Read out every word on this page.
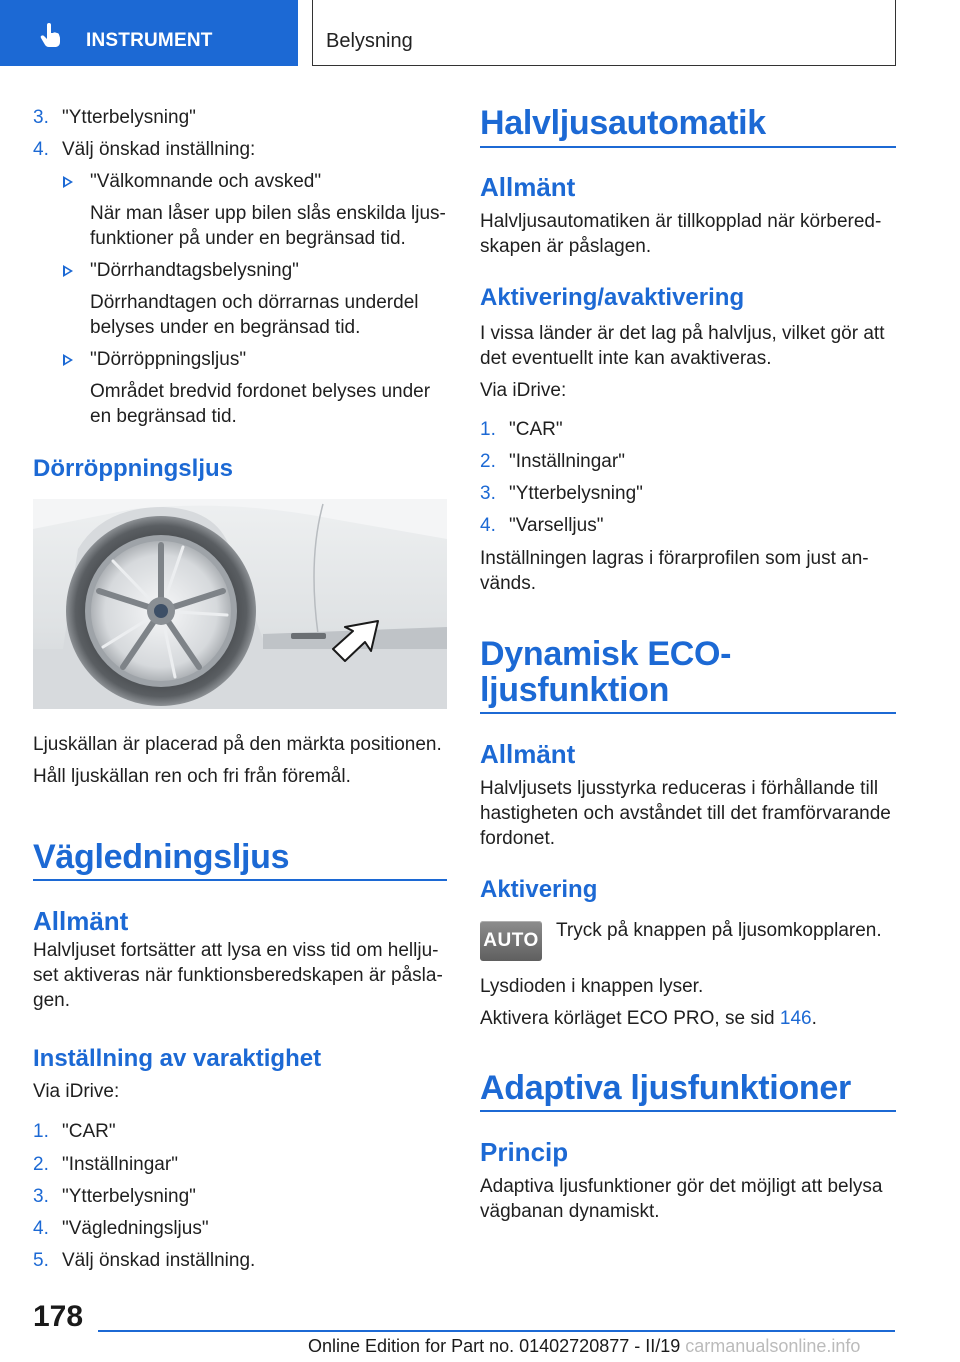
INSTRUMENT	Belysning
3. "Ytterbelysning"
4. Välj önskad inställning:
"Välkomnande och avsked"
När man låser upp bilen slås enskilda ljus-
funktioner på under en begränsad tid.
"Dörrhandtagsbelysning"
Dörrhandtagen och dörrarnas underdel
belyses under en begränsad tid.
"Dörröppningsljus"
Området bredvid fordonet belyses under
en begränsad tid.
Dörröppningsljus
Ljuskällan är placerad på den märkta positionen.
Håll ljuskällan ren och fri från föremål.
Vägledningsljus
Allmänt
Halvljuset fortsätter att lysa en viss tid om hellju-
set aktiveras när funktionsberedskapen är påsla-
gen.
Inställning av varaktighet
Via iDrive:
1. "CAR"
2. "Inställningar"
3. "Ytterbelysning"
4. "Vägledningsljus"
5. Välj önskad inställning.
Halvljusautomatik
Allmänt
Halvljusautomatiken är tillkopplad när körbered-
skapen är påslagen.
Aktivering/avaktivering
I vissa länder är det lag på halvljus, vilket gör att
det eventuellt inte kan avaktiveras.
Via iDrive:
1. "CAR"
2. "Inställningar"
3. "Ytterbelysning"
4. "Varselljus"
Inställningen lagras i förarprofilen som just an-
vänds.
Dynamisk ECO-
ljusfunktion
Allmänt
Halvljusets ljusstyrka reduceras i förhållande till
hastigheten och avståndet till det framförvarande
fordonet.
Aktivering
AUTO Tryck på knappen på ljusomkopplaren.
Lysdioden i knappen lyser.
Aktivera körläget ECO PRO, se sid 146.
Adaptiva ljusfunktioner
Princip
Adaptiva ljusfunktioner gör det möjligt att belysa
vägbanan dynamiskt.
178
Online Edition for Part no. 01402720877 - II/19 carmanualsonline.info
